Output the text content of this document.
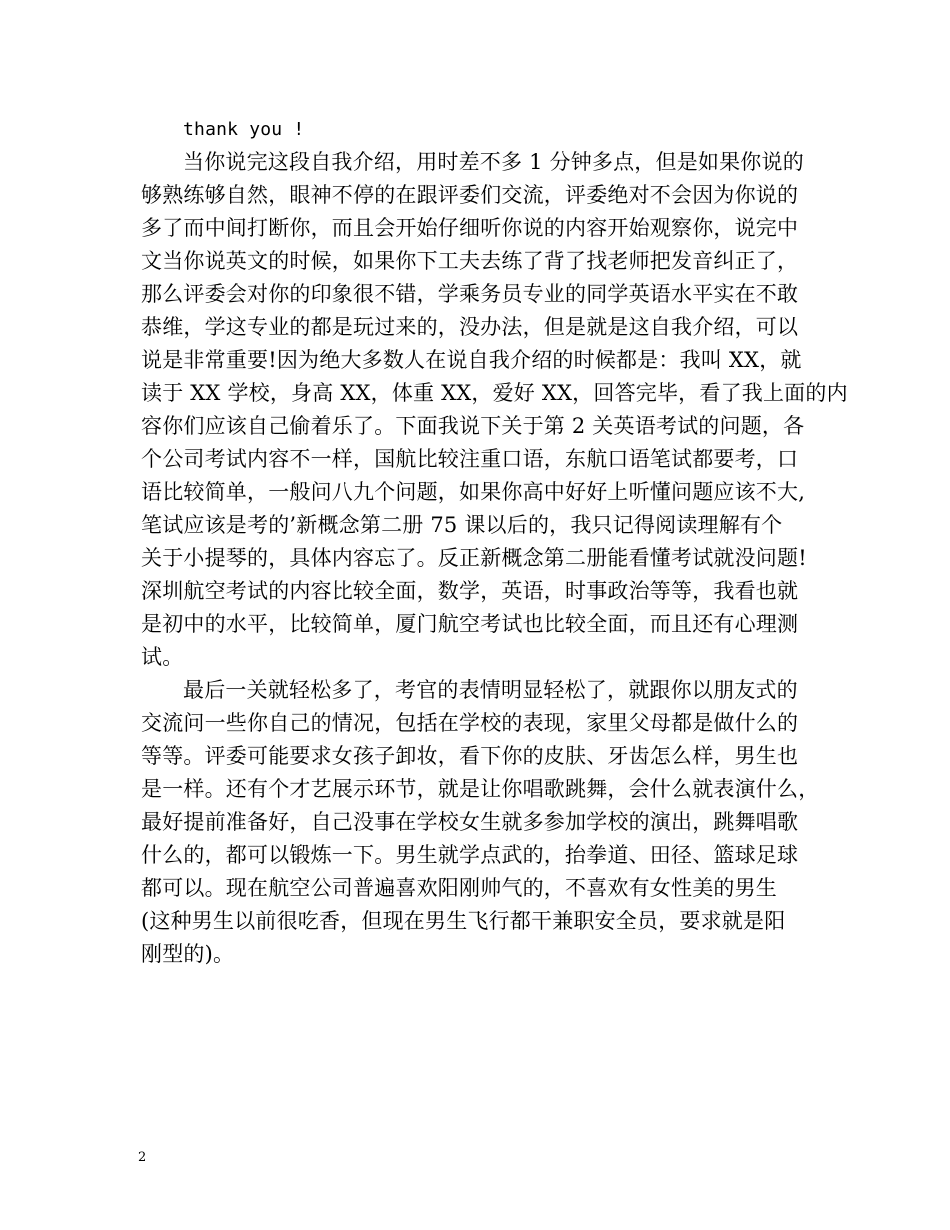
thank you !
当你说完这段自我介绍，用时差不多 1 分钟多点，但是如果你说的
够熟练够自然，眼神不停的在跟评委们交流，评委绝对不会因为你说的
多了而中间打断你，而且会开始仔细听你说的内容开始观察你，说完中
文当你说英文的时候，如果你下工夫去练了背了找老师把发音纠正了，
那么评委会对你的印象很不错，学乘务员专业的同学英语水平实在不敢
恭维，学这专业的都是玩过来的，没办法，但是就是这自我介绍，可以
说是非常重要!因为绝大多数人在说自我介绍的时候都是：我叫 XX，就
读于 XX 学校，身高 XX，体重 XX，爱好 XX，回答完毕，看了我上面的内
容你们应该自己偷着乐了。下面我说下关于第 2 关英语考试的问题，各
个公司考试内容不一样，国航比较注重口语，东航口语笔试都要考，口
语比较简单，一般问八九个问题，如果你高中好好上听懂问题应该不大,
笔试应该是考的’新概念第二册 75 课以后的，我只记得阅读理解有个
关于小提琴的，具体内容忘了。反正新概念第二册能看懂考试就没问题!
深圳航空考试的内容比较全面，数学，英语，时事政治等等，我看也就
是初中的水平，比较简单，厦门航空考试也比较全面，而且还有心理测
试。
最后一关就轻松多了，考官的表情明显轻松了，就跟你以朋友式的
交流问一些你自己的情况，包括在学校的表现，家里父母都是做什么的
等等。评委可能要求女孩子卸妆，看下你的皮肤、牙齿怎么样，男生也
是一样。还有个才艺展示环节，就是让你唱歌跳舞，会什么就表演什么，
最好提前准备好，自己没事在学校女生就多参加学校的演出，跳舞唱歌
什么的，都可以锻炼一下。男生就学点武的，抬拳道、田径、篮球足球
都可以。现在航空公司普遍喜欢阳刚帅气的，不喜欢有女性美的男生
(这种男生以前很吃香，但现在男生飞行都干兼职安全员，要求就是阳
刚型的)。
2
